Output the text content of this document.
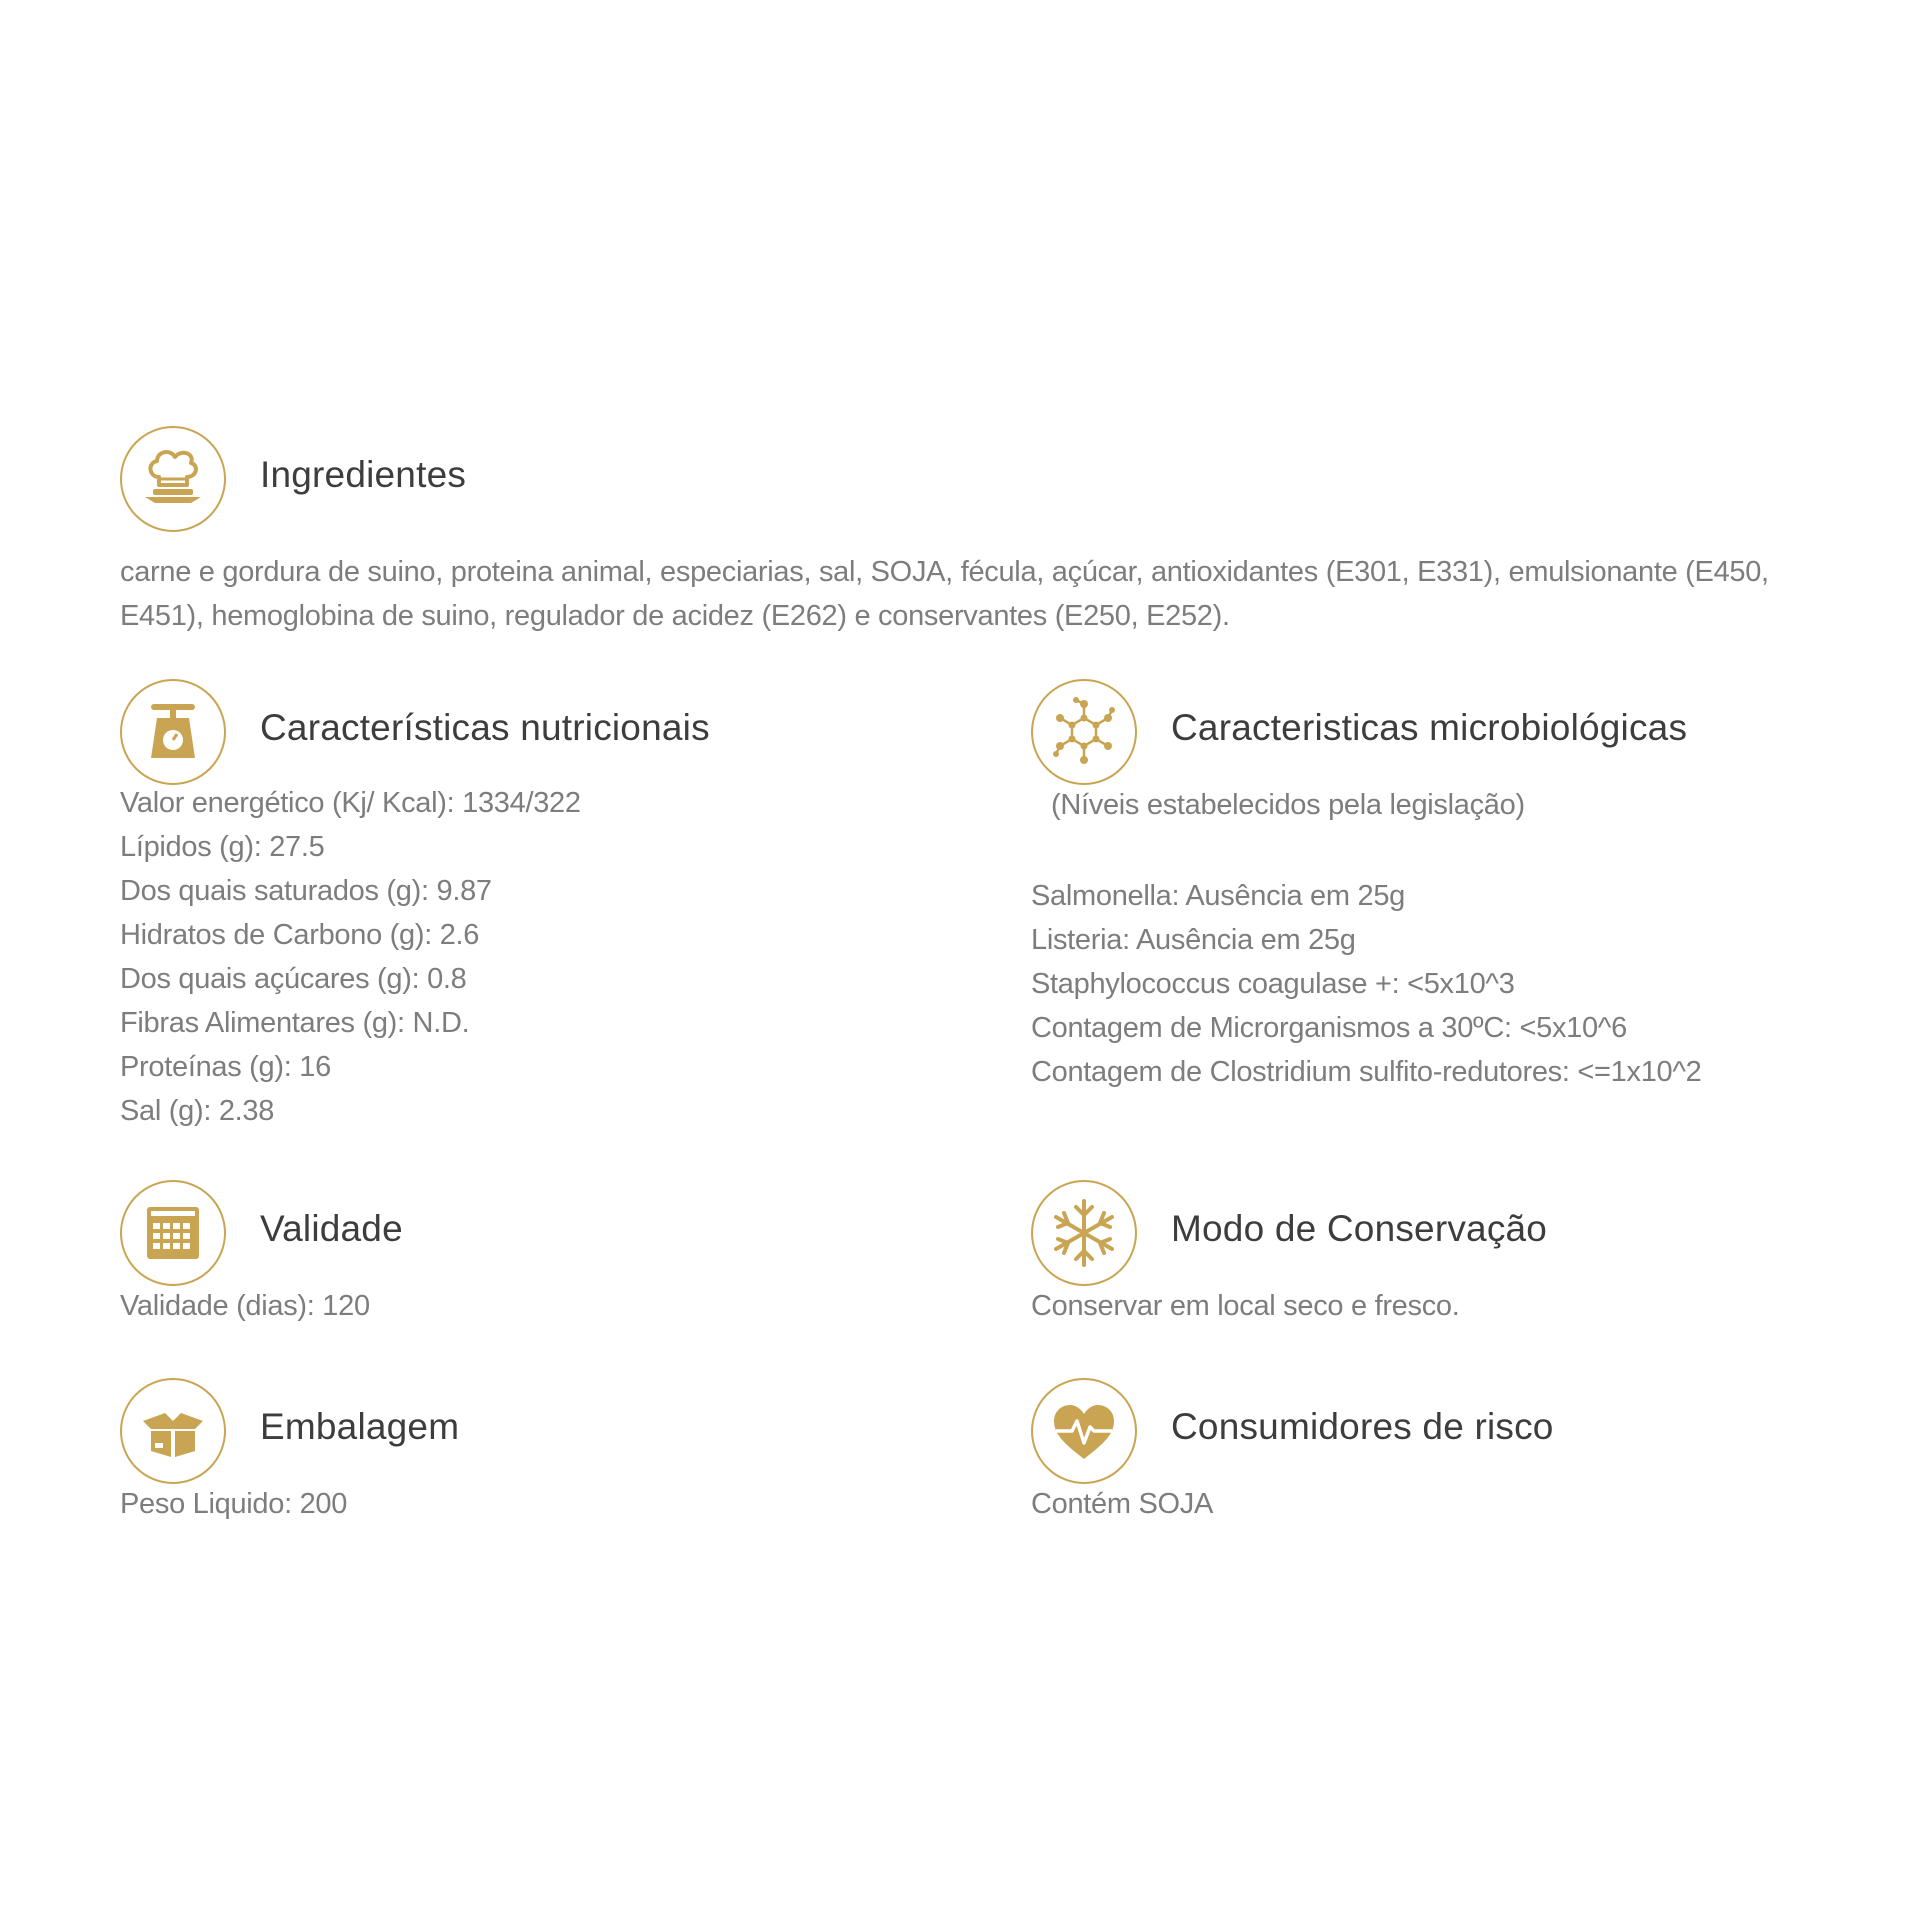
Ingredientes
carne e gordura de suino, proteina animal, especiarias, sal, SOJA, fécula, açúcar, antioxidantes (E301, E331), emulsionante (E450, E451), hemoglobina de suino, regulador de acidez (E262) e conservantes (E250, E252).
Características nutricionais
Valor energético (Kj/ Kcal): 1334/322
Lípidos (g): 27.5
Dos quais saturados (g): 9.87
Hidratos de Carbono (g): 2.6
Dos quais açúcares (g): 0.8
Fibras Alimentares (g): N.D.
Proteínas (g): 16
Sal (g): 2.38
Caracteristicas microbiológicas
(Níveis estabelecidos pela legislação)
Salmonella: Ausência em 25g
Listeria: Ausência em 25g
Staphylococcus coagulase +: <5x10^3
Contagem de Microrganismos a 30ºC: <5x10^6
Contagem de Clostridium sulfito-redutores: <=1x10^2
Validade
Validade (dias): 120
Modo de Conservação
Conservar em local seco e fresco.
Embalagem
Peso Liquido: 200
Consumidores de risco
Contém SOJA
